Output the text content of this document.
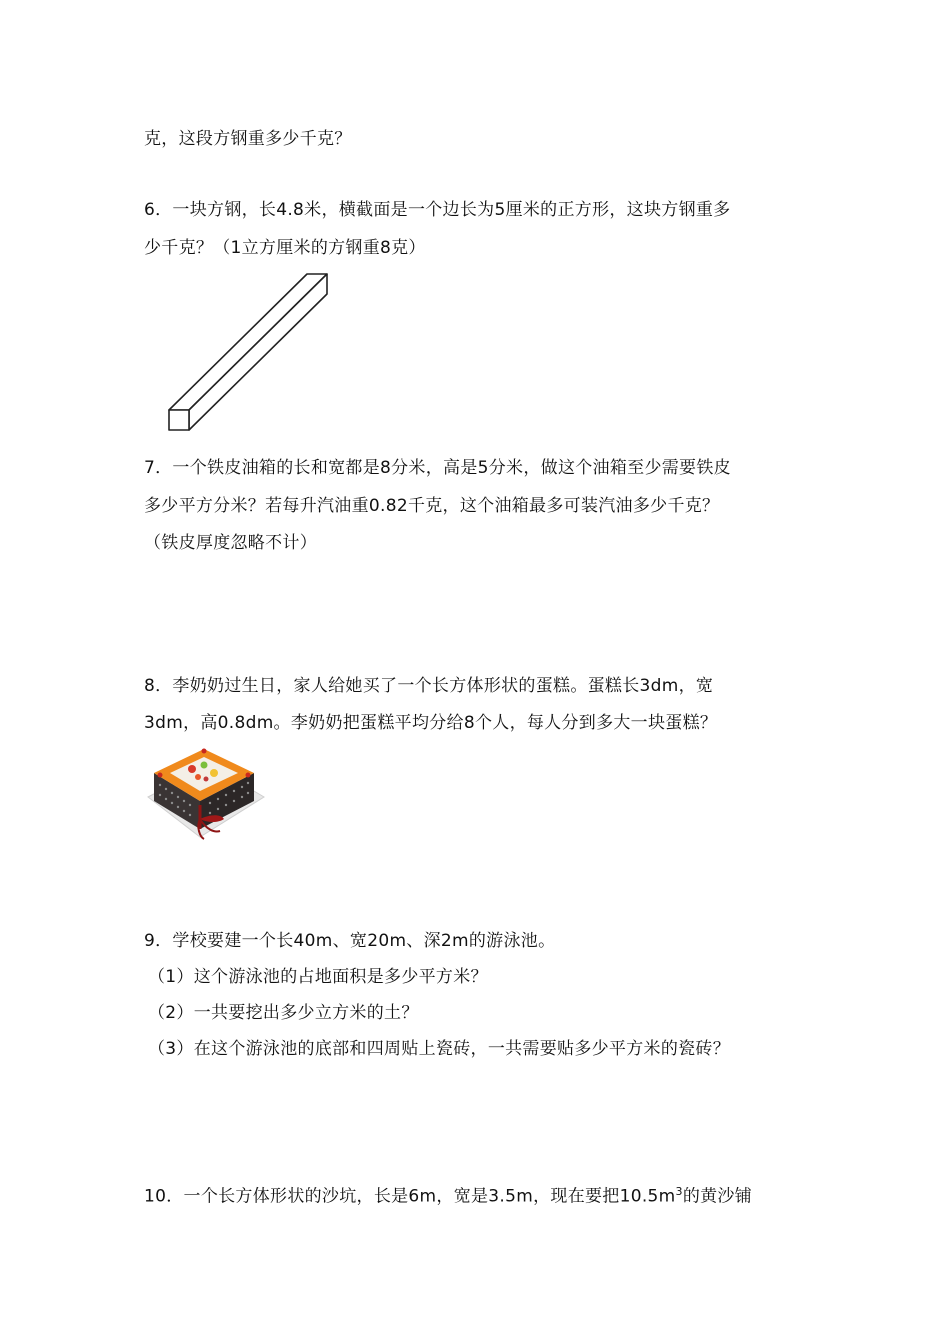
克，这段方钢重多少千克？
6．一块方钢，长4.8米，横截面是一个边长为5厘米的正方形，这块方钢重多
少千克？（1立方厘米的方钢重8克）
7．一个铁皮油箱的长和宽都是8分米，高是5分米，做这个油箱至少需要铁皮
多少平方分米？若每升汽油重0.82千克，这个油箱最多可装汽油多少千克？
（铁皮厚度忽略不计）
8．李奶奶过生日，家人给她买了一个长方体形状的蛋糕。蛋糕长3dm，宽
3dm，高0.8dm。李奶奶把蛋糕平均分给8个人，每人分到多大一块蛋糕？
9．学校要建一个长40m、宽20m、深2m的游泳池。
（1）这个游泳池的占地面积是多少平方米？
（2）一共要挖出多少立方米的土？
（3）在这个游泳池的底部和四周贴上瓷砖，一共需要贴多少平方米的瓷砖？
10．一个长方体形状的沙坑，长是6m，宽是3.5m，现在要把$10.5m^3$的黄沙铺
